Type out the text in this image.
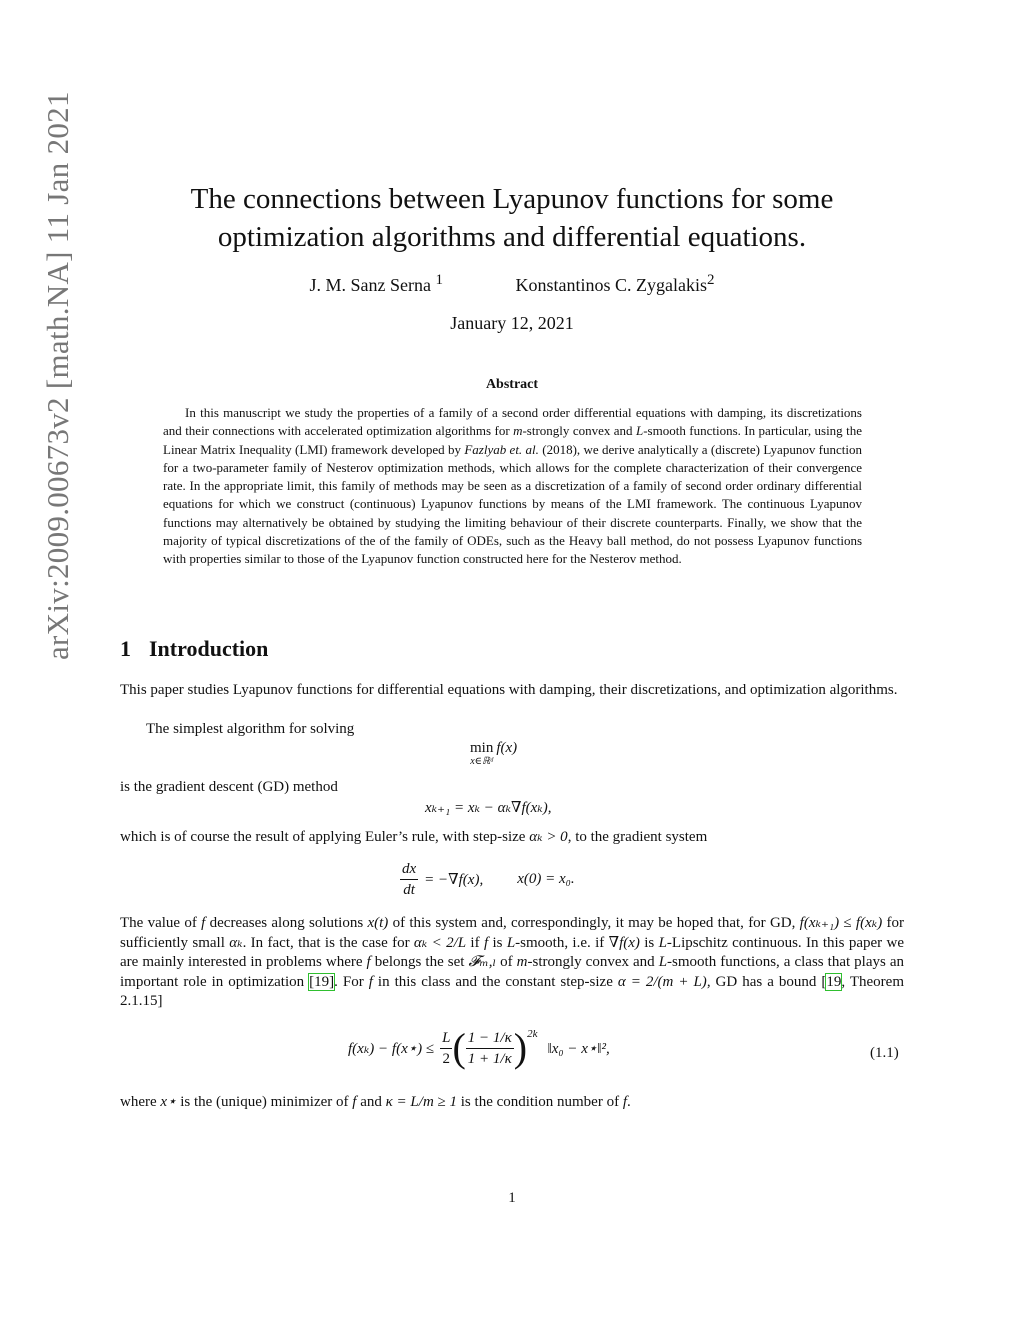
arXiv:2009.00673v2 [math.NA] 11 Jan 2021	The connections between Lyapunov functions for some
optimization algorithms and differential equations.
J. M. Sanz Serna $^1$	Konstantinos C. Zygalakis$^2$
January 12, 2021
Abstract
In this manuscript we study the properties of a family of a second order differential equations with damping, its discretizations and their connections with accelerated optimization algorithms for m-strongly convex and L-smooth functions. In particular, using the Linear Matrix Inequality (LMI) framework developed by Fazlyab et. al. (2018), we derive analytically a (discrete) Lyapunov function for a two-parameter family of Nesterov optimization methods, which allows for the complete characterization of their convergence rate. In the appropriate limit, this family of methods may be seen as a discretization of a family of second order ordinary differential equations for which we construct (continuous) Lyapunov functions by means of the LMI framework. The continuous Lyapunov functions may alternatively be obtained by studying the limiting behaviour of their discrete counterparts. Finally, we show that the majority of typical discretizations of the of the family of ODEs, such as the Heavy ball method, do not possess Lyapunov functions with properties similar to those of the Lyapunov function constructed here for the Nesterov method.
1 Introduction
This paper studies Lyapunov functions for differential equations with damping, their discretizations, and optimization algorithms.
The simplest algorithm for solving
min
x∈ℝᵈ
f(x)
is the gradient descent (GD) method
xₖ₊₁ = xₖ − αₖ∇f(xₖ),
which is of course the result of applying Euler’s rule, with step-size αₖ > 0, to the gradient system
$\frac{dx}{dt} = -\nabla f(x)$, x(0) = x₀.
The value of f decreases along solutions x(t) of this system and, correspondingly, it may be hoped that, for GD, f(xₖ₊₁) ≤ f(xₖ) for sufficiently small αₖ. In fact, that is the case for αₖ < 2/L if f is L-smooth, i.e. if ∇f(x) is L-Lipschitz continuous. In this paper we are mainly interested in problems where f belongs the set 𝓕ₘ,ₗ of m-strongly convex and L-smooth functions, a class that plays an important role in optimization [19]. For f in this class and the constant step-size α = 2/(m + L), GD has a bound [19, Theorem 2.1.15]
f(xₖ) − f(x⋆) ≤ $\frac{L}{2}$ ( $\frac{1 - 1/\kappa}{1 + 1/\kappa}$ ) 2k
‖x₀ − x⋆‖²,	(1.1)
where x⋆ is the (unique) minimizer of f and κ = L/m ≥ 1 is the condition number of f.
1
